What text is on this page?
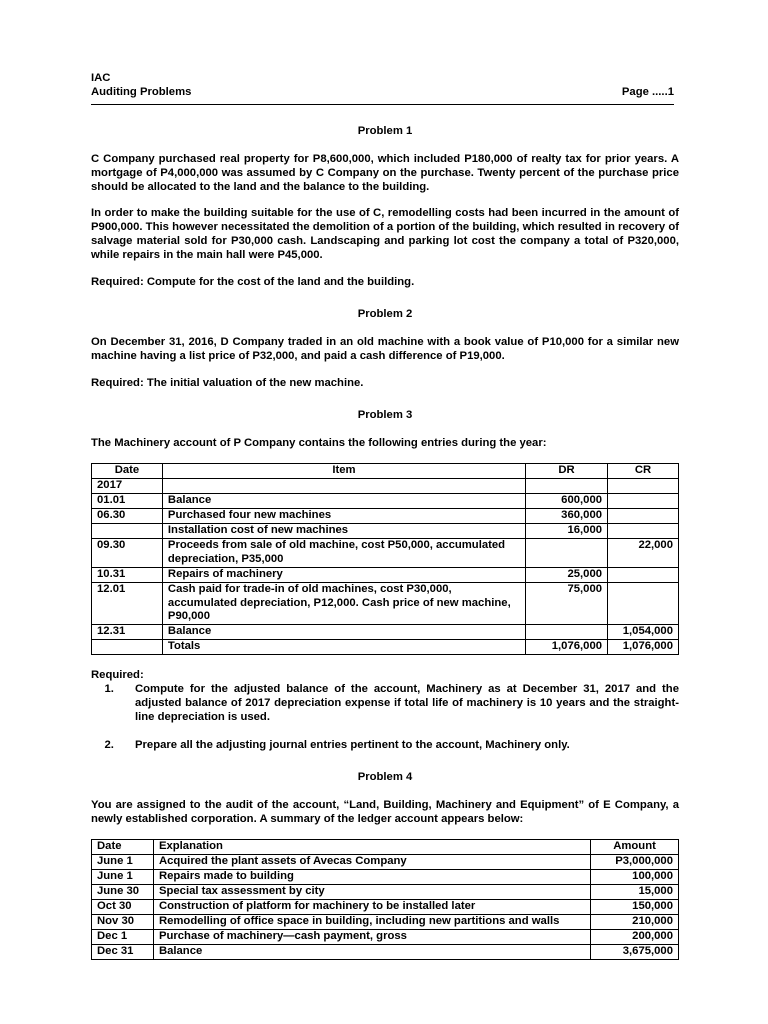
IAC
Auditing Problems	Page .....1
Problem 1

C Company purchased real property for P8,600,000, which included P180,000 of realty tax for prior years. A mortgage of P4,000,000 was assumed by C Company on the purchase. Twenty percent of the purchase price should be allocated to the land and the balance to the building.

In order to make the building suitable for the use of C, remodelling costs had been incurred in the amount of P900,000. This however necessitated the demolition of a portion of the building, which resulted in recovery of salvage material sold for P30,000 cash. Landscaping and parking lot cost the company a total of P320,000, while repairs in the main hall were P45,000.

Required: Compute for the cost of the land and the building.

Problem 2

On December 31, 2016, D Company traded in an old machine with a book value of P10,000 for a similar new machine having a list price of P32,000, and paid a cash difference of P19,000.

Required: The initial valuation of the new machine.

Problem 3

The Machinery account of P Company contains the following entries during the year:

Date	Item	DR	CR
2017			
01.01	Balance	600,000	
06.30	Purchased four new machines	360,000	
	Installation cost of new machines	16,000	
09.30	Proceeds from sale of old machine, cost P50,000, accumulated depreciation, P35,000		22,000
10.31	Repairs of machinery	25,000	
12.01	Cash paid for trade-in of old machines, cost P30,000, accumulated depreciation, P12,000. Cash price of new machine, P90,000	75,000	
12.31	Balance		1,054,000
	Totals	1,076,000	1,076,000
Required:
1. Compute for the adjusted balance of the account, Machinery as at December 31, 2017 and the adjusted balance of 2017 depreciation expense if total life of machinery is 10 years and the straight-line depreciation is used.
2. Prepare all the adjusting journal entries pertinent to the account, Machinery only.
Problem 4

You are assigned to the audit of the account, “Land, Building, Machinery and Equipment” of E Company, a newly established corporation. A summary of the ledger account appears below:

Date	Explanation	Amount
June 1	Acquired the plant assets of Avecas Company	P3,000,000
June 1	Repairs made to building	100,000
June 30	Special tax assessment by city	15,000
Oct 30	Construction of platform for machinery to be installed later	150,000
Nov 30	Remodelling of office space in building, including new partitions and walls	210,000
Dec 1	Purchase of machinery—cash payment, gross	200,000
Dec 31	Balance	3,675,000
